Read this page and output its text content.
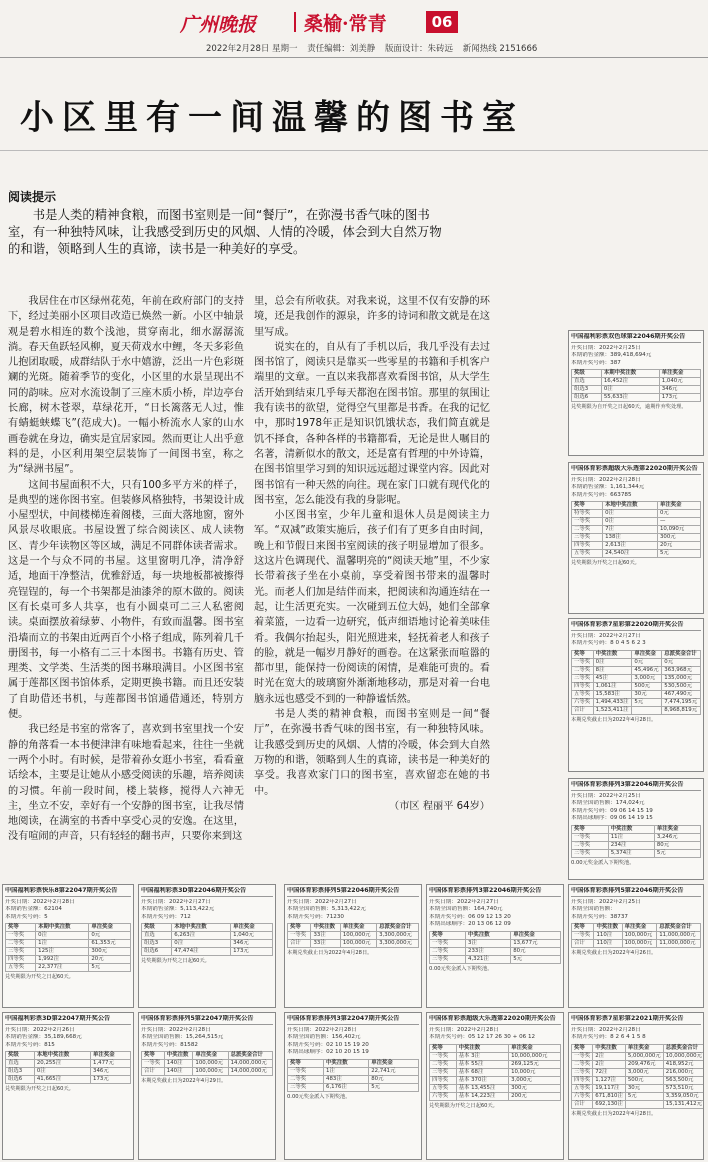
广州晚报	桑榆·常青	06
2022年2月28日 星期一 责任编辑：刘美静 版面设计：朱砖远 新闻热线 2151666
小区里有一间温馨的图书室
阅读提示
书是人类的精神食粮，而图书室则是一间“餐厅”，在弥漫书香气味的图书室，有一种独特风味，让我感受到历史的风烟、人情的冷暖，体会到大自然万物的和谐，领略到人生的真谛，读书是一种美好的享受。

我居住在市区绿州花苑，年前在政府部门的支持下，经过美丽小区项目改造已焕然一新。小区中轴景观是碧水相连的数个浅池，贯穿南北，细水潺潺流淌。春天鱼跃轻风柳，夏天荷戏水中鲤，冬天多彩鱼儿抱团取暖，成群结队于水中嬉游，泛出一片色彩斑斓的光斑。随着季节的变化，小区里的水景呈现出不同的韵味。应对水流设制了三座木质小桥，岸边亭台长廊，树木苍翠，草绿花开，“日长篱落无人过，惟有蜻蜓蛱蝶飞”(范成大)。一幅小桥流水人家的山水画卷就在身边，确实是宜居家园。然而更让人出乎意料的是，小区利用架空层装饰了一间图书室，称之为“绿洲书屋”。

这间书屋面积不大，只有100多平方米的样子，是典型的迷你图书室。但装修风格独特，书架设计成小屋型状，中间楼梯连着阁楼，三面大落地窗，窗外风景尽收眼底。书屋设置了综合阅读区、成人读物区、青少年读物区等区域，满足不同群体读者需求。这是一个与众不同的书屋。这里窗明几净，清净舒适，地面干净整洁，优雅舒适，每一块地板都被擦得亮锃锃的，每一个书架都是油漆斧的原木做的。阅读区有长桌可多人共享，也有小圆桌可二三人私密阅读。桌面摆放着绿萝、小物件，有致而温馨。图书室沿墙而立的书架由近两百个小格子组成，陈列着几千册图书，每一小格有二三十本图书。书籍有历史、管理类、文学类、生活类的图书琳琅满目。小区图书室属于莲都区图书馆体系，定期更换书籍。而且还安装了自助借还书机，与莲都图书馆通借通还，特别方便。

我已经是书室的常客了，喜欢到书室里找一个安静的角落看一本书便津津有味地看起来，往往一坐就一两个小时。有时候，是带着孙女逛小书室，看看童话绘本，主要是让她从小感受阅读的乐趣，培养阅读的习惯。年前一段时间，楼上装修，搅得人六神无主，坐立不安，幸好有一个安静的图书室，让我尽情地阅读，在满室的书香中享受心灵的安逸。在这里，没有喧闹的声音，只有轻轻的翻书声，只要你来到这

里，总会有所收获。对我来说，这里不仅有安静的环境，还是我创作的源泉，许多的诗词和散文就是在这里写成。

说实在的，自从有了手机以后，我几乎没有去过图书馆了，阅读只是靠买一些零星的书籍和手机客户端里的文章。一直以来我都喜欢看图书馆，从大学生活开始到结束几乎每天都泡在图书馆。那里的氛围让我有读书的欲望，觉得空气里都是书香。在我的记忆中，那时1978年正是知识饥饿状态，我们简直就是饥不择食，各种各样的书籍都看，无论是世人嘱目的名著，清新似水的散文，还是富有哲理的中外诗篇，在图书馆里学习到的知识远远超过课堂内容。因此对图书馆有一种天然的向往。现在家门口就有现代化的图书室，怎么能没有我的身影呢。

小区图书室，少年儿童和退休人员是阅读主力军。“双减”政策实施后，孩子们有了更多自由时间，晚上和节假日来图书室阅读的孩子明显增加了很多。这这片色调现代、温馨明亮的“阅读天地”里，不少家长带着孩子坐在小桌前，享受着图书带来的温馨时光。而老人们加是结伴而来，把阅读和沟通连结在一起，让生活更充实。一次碰到五位大妈，她们全部拿着菜篮，一边看一边研究，低声细语地讨论着美味佳肴。我偶尔抬起头，阳光照进来，轻抚着老人和孩子的脸，就是一幅岁月静好的画卷。在这紧张而喧嚣的都市里，能保持一份阅读的闲情，是难能可贵的。看时光在宽大的玻璃窗外渐渐地移动，那是对着一台电脑永远也感受不到的一种静谧恬然。

书是人类的精神食粮，而图书室则是一间“餐厅”，在弥漫书香气味的图书室，有一种独特风味。让我感受到历史的风烟、人情的冷暖，体会到大自然万物的和谐，领略到人生的真谛，读书是一种美好的享受。我喜欢家门口的图书室，喜欢留恋在她的书中。

（市区 程丽平 64岁）
中国福利彩票双色球第22046期开奖公告
开奖日期：2022年2月25日
本期销售金额：389,418,694元
本期开奖号码：387
奖级	本期中奖注数	单注奖金
直选	16,452注	1,040元
组选3	0注	346元
组选6	55,633注	173元
兑奖期限为自开奖之日起60天，逾期作弃奖处理。
中国体育彩票超级大乐透第22020期开奖公告
开奖日期：2022年2月28日
本期销售金额：1,161,344元
本期开奖号码：663785
奖等	本地中奖注数	单注奖金
特等奖	0注	0元
一等奖	0注	—
二等奖	7注	10,090元
三等奖	138注	300元
四等奖	2,613注	20元
五等奖	24,540注	5元
兑奖期限为开奖之日起60天。
中国体育彩票7星彩第22020期开奖公告
开奖日期：2022年2月27日
本期开奖号码：8 0 4 5 6 2 3
奖等	中奖注数	单注奖金	总派奖金合计
一等奖	0注	0元	0元
二等奖	8注	45,496元	363,968元
三等奖	45注	3,000元	135,000元
四等奖	1,061注	500元	530,500元
五等奖	15,583注	30元	467,490元
六等奖	1,494,433注	5元	7,474,195元
合计	1,523,411注		8,968,819元
本期兑奖截止日为2022年4月28日。
中国体育彩票排列3第22046期开奖公告
开奖日期：2022年2月25日
本期全国销售额：174,024元
本期开奖号码：09 06 14 15 19
本期出球顺序：09 06 14 19 15
奖等	中奖注数	单注奖金
一等奖	11注	3,246元
二等奖	234注	80元
三等奖	5,374注	5元
0.00元奖金派入下期奖池。
中国福利彩票快乐8第22047期开奖公告
开奖日期：2022年2月28日
本期销售金额：62104
本期开奖号码：5
奖等	本期中奖注数	单注奖金
一等奖	0注	0元
二等奖	1注	61,353元
三等奖	125注	300元
四等奖	1,992注	20元
五等奖	22,377注	5元
兑奖期限为开奖之日起60天。
中国福利彩票3D第22046期开奖公告
开奖日期：2022年2月27日
本期销售金额：5,113,422元
本期开奖号码：712
奖级	本地中奖注数	单注奖金
直选	6,263注	1,040元
组选3	0注	346元
组选6	47,474注	173元
兑奖期限为开奖之日起60天。
中国体育彩票排列5第22046期开奖公告
开奖日期：2022年2月27日
本期全国销售额：5,313,422元
本期开奖号码：71230
奖等	中奖注数	单注奖金	总派奖金合计
一等奖	33注	100,000元	3,300,000元
合计	33注	100,000元	3,300,000元
本期兑奖截止日为2022年4月28日。
中国体育彩票排列3第22046期开奖公告
开奖日期：2022年2月27日
本期全国销售额：164,740元
本期开奖号码：06 09 12 13 20
本期出球顺序：20 13 06 12 09
奖等	中奖注数	单注奖金
一等奖	3注	13,677元
二等奖	233注	80元
三等奖	4,321注	5元
0.00元奖金派入下期奖池。
中国体育彩票排列5第22046期开奖公告
开奖日期：2022年2月25日
本期全国销售额：
本期开奖号码：38737
奖等	中奖注数	单注奖金	总派奖金合计
一等奖	110注	100,000元	11,000,000元
合计	110注	100,000元	11,000,000元
本期兑奖截止日为2022年4月26日。
中国福利彩票3D第22047期开奖公告
开奖日期：2022年2月26日
本期销售金额：35,189,668元
本期开奖号码：815
奖级	本地中奖注数	单注奖金
直选	20,255注	1,477元
组选3	0注	346元
组选6	41,665注	173元
兑奖期限为开奖之日起60天。
中国体育彩票排列5第22047期开奖公告
开奖日期：2022年2月28日
本期全国销售额：15,264,515元
本期开奖号码：81582
奖等	中奖注数	单注奖金	总派奖金合计
一等奖	140注	100,000元	14,000,000元
合计	140注	100,000元	14,000,000元
本期兑奖截止日为2022年4月29日。
中国体育彩票排列3第22047期开奖公告
开奖日期：2022年2月28日
本期全国销售额：156,402元
本期开奖号码：02 10 15 19 20
本期出球顺序：02 10 20 15 19
奖等	中奖注数	单注奖金
一等奖	1注	22,741元
二等奖	483注	80元
三等奖	6,176注	5元
0.00元奖金派入下期奖池。
中国体育彩票超级大乐透第22020期开奖公告
开奖日期：2022年2月28日
本期开奖号码：05 12 17 26 30 + 06 12
奖等	中奖注数	单注奖金
一等奖	基本 3注	10,000,000元
二等奖	基本 55注	269,125元
三等奖	基本 68注	10,000元
四等奖	基本 370注	3,000元
五等奖	基本 13,455注	300元
六等奖	基本 14,223注	200元
兑奖期限为开奖之日起60天。
中国体育彩票7星彩第22021期开奖公告
开奖日期：2022年2月28日
本期开奖号码：8 2 6 4 1 5 8
奖等	中奖注数	单注奖金	总派奖金合计
一等奖	2注	5,000,000元	10,000,000元
二等奖	2注	209,476元	418,952元
三等奖	72注	3,000元	216,000元
四等奖	1,127注	500元	563,500元
五等奖	19,117注	30元	573,510元
六等奖	671,810注	5元	3,359,050元
合计	692,130注		15,131,412元
本期兑奖截止日为2022年4月28日。
